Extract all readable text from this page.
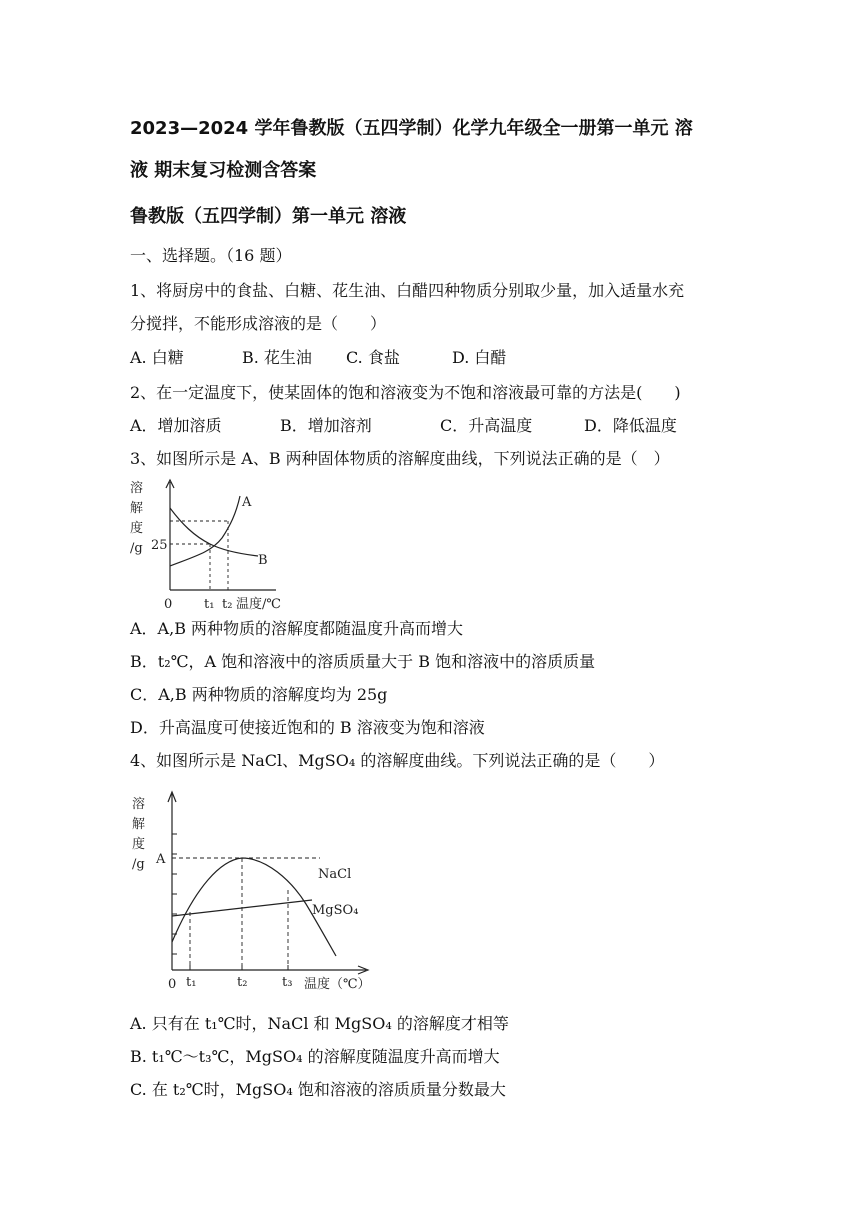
2023—2024 学年鲁教版（五四学制）化学九年级全一册第一单元 溶
液 期末复习检测含答案
鲁教版（五四学制）第一单元 溶液
一、选择题。（16 题）
1、将厨房中的食盐、白糖、花生油、白醋四种物质分别取少量，加入适量水充
分搅拌，不能形成溶液的是（　　）
A. 白糖	B. 花生油 C. 食盐	D. 白醋
2、在一定温度下，使某固体的饱和溶液变为不饱和溶液最可靠的方法是(　　)
A．增加溶质	B．增加溶剂	C．升高温度	D．降低温度
3、如图所示是 A、B 两种固体物质的溶解度曲线，下列说法正确的是（　）
溶
解
度
/g 25
0 t₁ t₂ 温度/℃
A
B
A．A,B 两种物质的溶解度都随温度升高而增大
B．t₂℃，A 饱和溶液中的溶质质量大于 B 饱和溶液中的溶质质量
C．A,B 两种物质的溶解度均为 25g
D．升高温度可使接近饱和的 B 溶液变为饱和溶液
4、如图所示是 NaCl、MgSO₄ 的溶解度曲线。下列说法正确的是（　　）
溶
解
度
/g A
0 t₁	t₂	t₃ 温度（℃）
NaCl
MgSO₄
A. 只有在 t₁℃时，NaCl 和 MgSO₄ 的溶解度才相等
B. t₁℃～t₃℃，MgSO₄ 的溶解度随温度升高而增大
C. 在 t₂℃时，MgSO₄ 饱和溶液的溶质质量分数最大
